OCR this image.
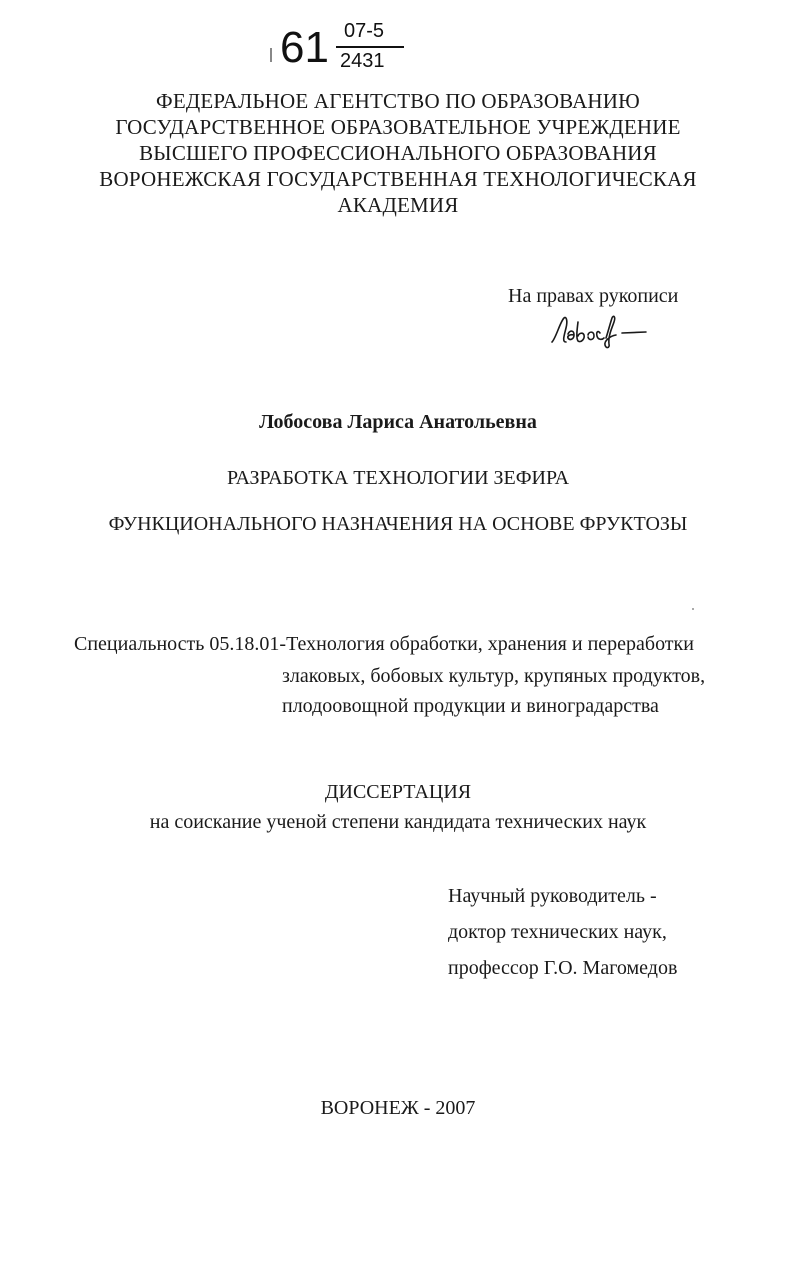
61 07-5
2431
ФЕДЕРАЛЬНОЕ АГЕНТСТВО ПО ОБРАЗОВАНИЮ
ГОСУДАРСТВЕННОЕ ОБРАЗОВАТЕЛЬНОЕ УЧРЕЖДЕНИЕ
ВЫСШЕГО ПРОФЕССИОНАЛЬНОГО ОБРАЗОВАНИЯ
ВОРОНЕЖСКАЯ ГОСУДАРСТВЕННАЯ ТЕХНОЛОГИЧЕСКАЯ
АКАДЕМИЯ
На правах рукописи
Лобосова Лариса Анатольевна
РАЗРАБОТКА ТЕХНОЛОГИИ ЗЕФИРА
ФУНКЦИОНАЛЬНОГО НАЗНАЧЕНИЯ НА ОСНОВЕ ФРУКТОЗЫ
Специальность 05.18.01-Технология обработки, хранения и переработки
злаковых, бобовых культур, крупяных продуктов,
плодоовощной продукции и виноградарства
ДИССЕРТАЦИЯ
на соискание ученой степени кандидата технических наук
Научный руководитель -
доктор технических наук,
профессор Г.О. Магомедов
ВОРОНЕЖ - 2007
